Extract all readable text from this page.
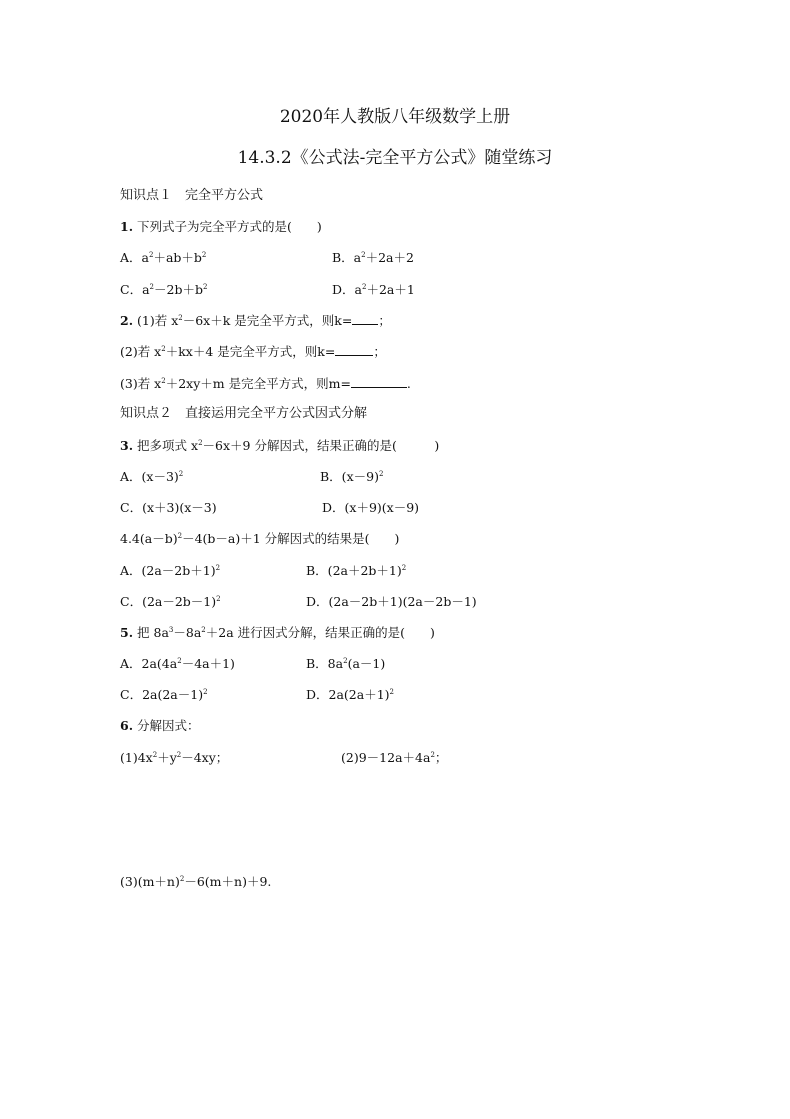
2020年人教版八年级数学上册
14.3.2《公式法-完全平方公式》随堂练习
知识点１　完全平方公式
1. 下列式子为完全平方式的是(　　)
A．$a^2+ab+b^2$	B．$a^2+2a+2$
C．$a^2-2b+b^2$	D．$a^2+2a+1$
2. (1)若 $x^2-6x+k$ 是完全平方式，则k= ；
(2)若 $x^2+kx+4$ 是完全平方式，则k=	；
(3)若 $x^2+2xy+m$ 是完全平方式，则m=	.
知识点２　直接运用完全平方公式因式分解
3. 把多项式 $x^2-6x+9$ 分解因式，结果正确的是(　　　)
A．$(x-3)^2$	B．$(x-9)^2$
C．(x＋3)(x－3)	D．(x＋9)(x－9)
$4.4(a-b)^2-4(b-a)+1$ 分解因式的结果是(　　)
A．$(2a-2b+1)^2$	B．$(2a+2b+1)^2$
C．$(2a-2b-1)^2$	D．(2a－2b＋1)(2a－2b－1)
5. 把 $8a^3-8a^2+2a$ 进行因式分解，结果正确的是(　　)
A．$2a(4a^2-4a+1)$	B．$8a^2(a-1)$
C．$2a(2a-1)^2$	D．$2a(2a+1)^2$
6. 分解因式：
$(1)4x^2+y^2-4xy$；	$(2)9-12a+4a^2$；
$(3)(m+n)^2-6(m+n)+9$.
